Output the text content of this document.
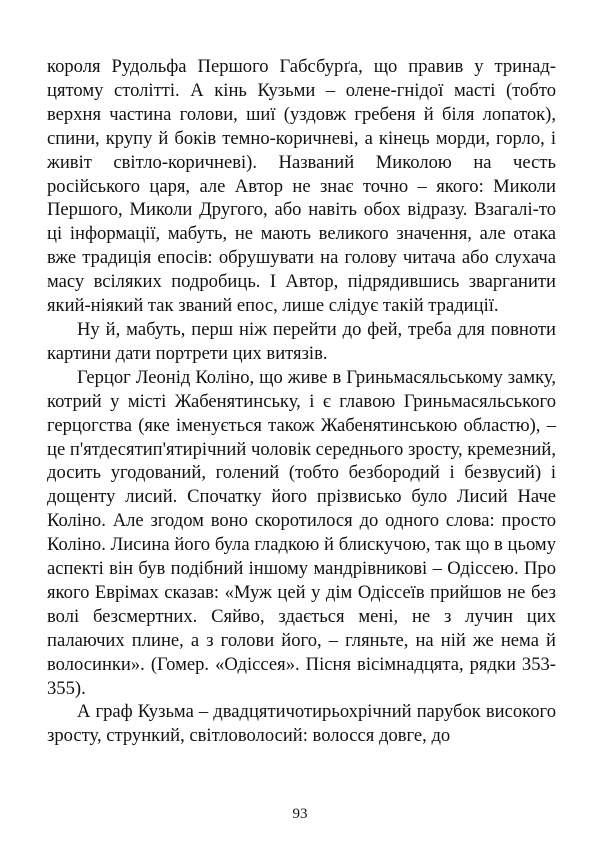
короля Рудольфа Першого Габсбурґа, що правив у тринадцятому столітті. А кінь Кузьми – олене-гнідої масті (тобто верхня частина голови, шиї (уздовж гребеня й біля лопаток), спини, крупу й боків темно-коричневі, а кінець морди, горло, і живіт світло-коричневі). Названий Миколою на честь російського царя, але Автор не знає точно – якого: Миколи Першого, Миколи Другого, або навіть обох відразу. Взагалі-то ці інформації, мабуть, не мають великого значення, але отака вже традиція епосів: обрушувати на голову читача або слухача масу всіляких подробиць. І Автор, підрядившись зварганити який-ніякий так званий епос, лише слідує такій традиції.

Ну й, мабуть, перш ніж перейти до фей, треба для повноти картини дати портрети цих витязів.

Герцог Леонід Коліно, що живе в Гриньмасяльському замку, котрий у місті Жабенятинську, і є главою Гриньмасяльського герцогства (яке іменується також Жабенятинською областю), – це п'ятдесятип'ятирічний чоловік середнього зросту, кремезний, досить угодований, голений (тобто безбородий і безвусий) і дощенту лисий. Спочатку його прізвисько було Лисий Наче Коліно. Але згодом воно скоротилося до одного слова: просто Коліно. Лисина його була гладкою й блискучою, так що в цьому аспекті він був подібний іншому мандрівникові – Одіссею. Про якого Еврімах сказав: «Муж цей у дім Одіссеїв прийшов не без волі безсмертних. Сяйво, здається мені, не з лучин цих палаючих плине, а з голови його, – гляньте, на ній же нема й волосинки». (Гомер. «Одіссея». Пісня вісімнадцята, рядки 353-355).

А граф Кузьма – двадцятичотирьохрічний парубок високого зросту, стрункий, світловолосий: волосся довге, до

93
